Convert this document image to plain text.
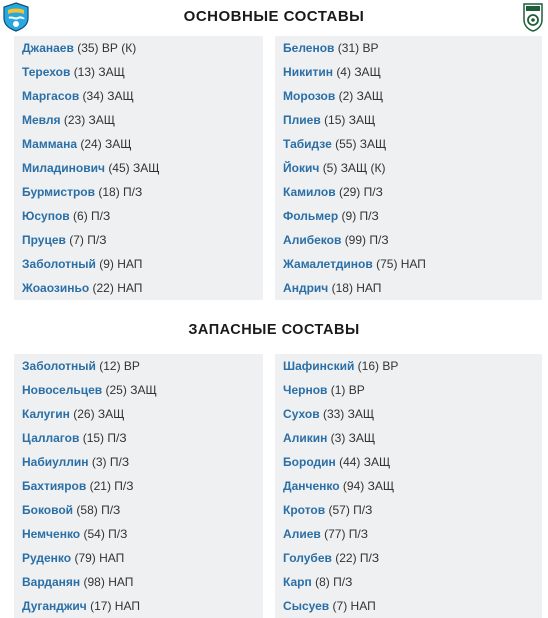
ОСНОВНЫЕ СОСТАВЫ
Джанаев (35) ВР (К)
Терехов (13) ЗАЩ
Маргасов (34) ЗАЩ
Мевля (23) ЗАЩ
Маммана (24) ЗАЩ
Миладинович (45) ЗАЩ
Бурмистров (18) П/З
Юсупов (6) П/З
Пруцев (7) П/З
Заболотный (9) НАП
Жоаозиньо (22) НАП
Беленов (31) ВР
Никитин (4) ЗАЩ
Морозов (2) ЗАЩ
Плиев (15) ЗАЩ
Табидзе (55) ЗАЩ
Йокич (5) ЗАЩ (К)
Камилов (29) П/З
Фольмер (9) П/З
Алибеков (99) П/З
Жамалетдинов (75) НАП
Андрич (18) НАП
ЗАПАСНЫЕ СОСТАВЫ
Заболотный (12) ВР
Новосельцев (25) ЗАЩ
Калугин (26) ЗАЩ
Цаллагов (15) П/З
Набиуллин (3) П/З
Бахтияров (21) П/З
Боковой (58) П/З
Немченко (54) П/З
Руденко (79) НАП
Варданян (98) НАП
Дуганджич (17) НАП
Шафинский (16) ВР
Чернов (1) ВР
Сухов (33) ЗАЩ
Аликин (3) ЗАЩ
Бородин (44) ЗАЩ
Данченко (94) ЗАЩ
Кротов (57) П/З
Алиев (77) П/З
Голубев (22) П/З
Карп (8) П/З
Сысуев (7) НАП
